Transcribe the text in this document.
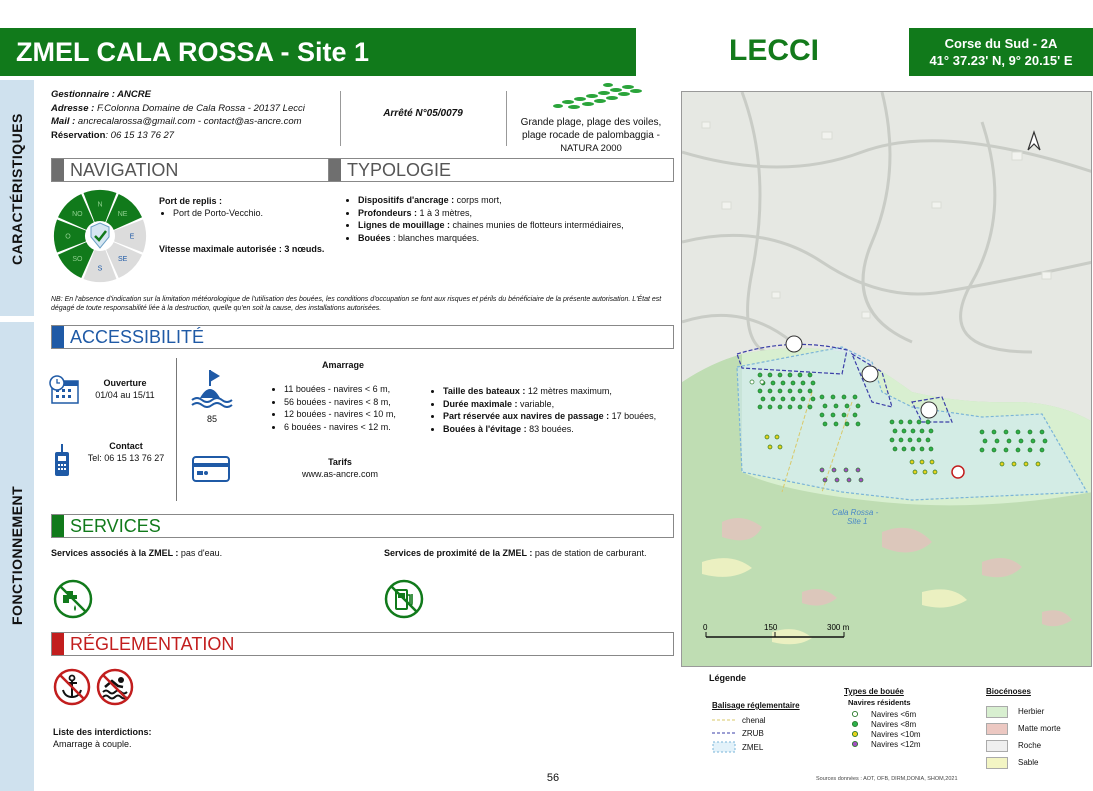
ZMEL CALA ROSSA - Site 1	LECCI	Corse du Sud - 2A
41° 37.23' N, 9° 20.15' E
CARACTÉRISTIQUES
FONCTIONNEMENT
Gestionnaire : ANCRE
Adresse : F.Colonna Domaine de Cala Rossa - 20137 Lecci
Mail : ancrecalarossa@gmail.com - contact@as-ancre.com
Réservation: 06 15 13 76 27
Arrêté N°05/0079
Grande plage, plage des voiles,
plage rocade de palombaggia -
NATURA 2000
NAVIGATION	TYPOLOGIE
N
NE
E
SE
S
SO
O
NO
Port de replis :
• Port de Porto-Vecchio.
Vitesse maximale autorisée : 3 nœuds.
• Dispositifs d'ancrage : corps mort,
• Profondeurs : 1 à 3 mètres,
• Lignes de mouillage : chaines munies de flotteurs intermédiaires,
• Bouées : blanches marquées.
NB: En l'absence d'indication sur la limitation météorologique de l'utilisation des bouées, les conditions d'occupation se font aux risques et périls du bénéficiaire de la présente autorisation. L'État est dégagé de toute responsabilité liée à la destruction, quelle qu'en soit la cause, des installations autorisées.
ACCESSIBILITÉ
Ouverture
01/04 au 15/11
Contact
Tel: 06 15 13 76 27
Amarrage
85
• 11 bouées - navires < 6 m,
• 56 bouées - navires < 8 m,
• 12 bouées - navires < 10 m,
• 6 bouées - navires < 12 m.
• Taille des bateaux : 12 mètres maximum,
• Durée maximale : variable,
• Part réservée aux navires de passage : 17 bouées,
• Bouées à l'évitage : 83 bouées.
Tarifs
www.as-ancre.com
SERVICES
Services associés à la ZMEL : pas d'eau.	Services de proximité de la ZMEL : pas de station de carburant.
RÉGLEMENTATION
Liste des interdictions:
Amarrage à couple.
56
Cala Rossa -
Site 1
0	150	300 m
Légende
Balisage réglementaire
chenal
ZRUB
ZMEL
Types de bouée
Navires résidents
Navires <6m
Navires <8m
Navires <10m
Navires <12m
Biocénoses
Herbier
Matte morte
Roche
Sable
Sources données : AOT, OFB, DIRM,DONIA, SHOM,2021
